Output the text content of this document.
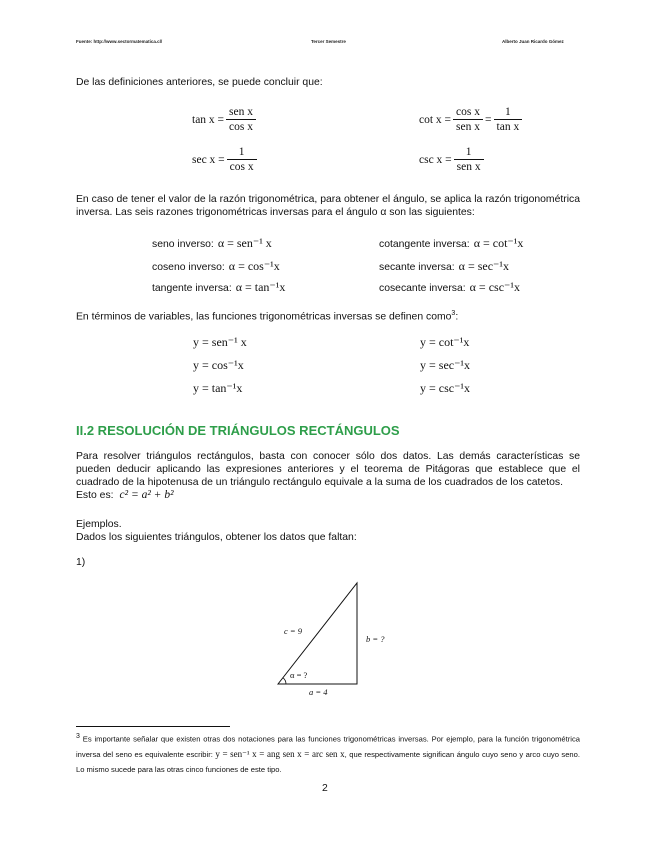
Fuente: http://www.sectormatematica.cl/	Tercer Semestre	Alberto Juan Ricardo Gómez
De las definiciones anteriores, se puede concluir que:
$\tan x = \frac{\text{sen x}}{\text{cos x}}$	$\cot x = \frac{\text{cos x}}{\text{sen x}} = \frac{1}{\text{tan x}}$
$\sec x = \frac{1}{\text{cos x}}$	$\csc x = \frac{1}{\text{sen x}}$
En caso de tener el valor de la razón trigonométrica, para obtener el ángulo, se aplica la razón trigonométrica inversa. Las seis razones trigonométricas inversas para el ángulo α son las siguientes:
seno inverso: α = sen⁻¹ x	cotangente inversa: α = cot⁻¹x
coseno inverso: α = cos⁻¹x	secante inversa: α = sec⁻¹x
tangente inversa: α = tan⁻¹x	cosecante inversa: α = csc⁻¹x
En términos de variables, las funciones trigonométricas inversas se definen como$^3$:
y = sen⁻¹ x	y = cot⁻¹x
y = cos⁻¹x	y = sec⁻¹x
y = tan⁻¹x	y = csc⁻¹x
II.2 RESOLUCIÓN DE TRIÁNGULOS RECTÁNGULOS
Para resolver triángulos rectángulos, basta con conocer sólo dos datos. Las demás características se pueden deducir aplicando las expresiones anteriores y el teorema de Pitágoras que establece que el cuadrado de la hipotenusa de un triángulo rectángulo equivale a la suma de los cuadrados de los catetos.
Esto es: c² = a² + b²
Ejemplos.
Dados los siguientes triángulos, obtener los datos que faltan:
1)
c = 9
b = ?
α = ?
a = 4
$^3$ Es importante señalar que existen otras dos notaciones para las funciones trigonométricas inversas. Por ejemplo, para la función trigonométrica inversa del seno es equivalente escribir: y = sen⁻¹ x = ang sen x = arc sen x, que respectivamente significan ángulo cuyo seno y arco cuyo seno. Lo mismo sucede para las otras cinco funciones de este tipo.
2
